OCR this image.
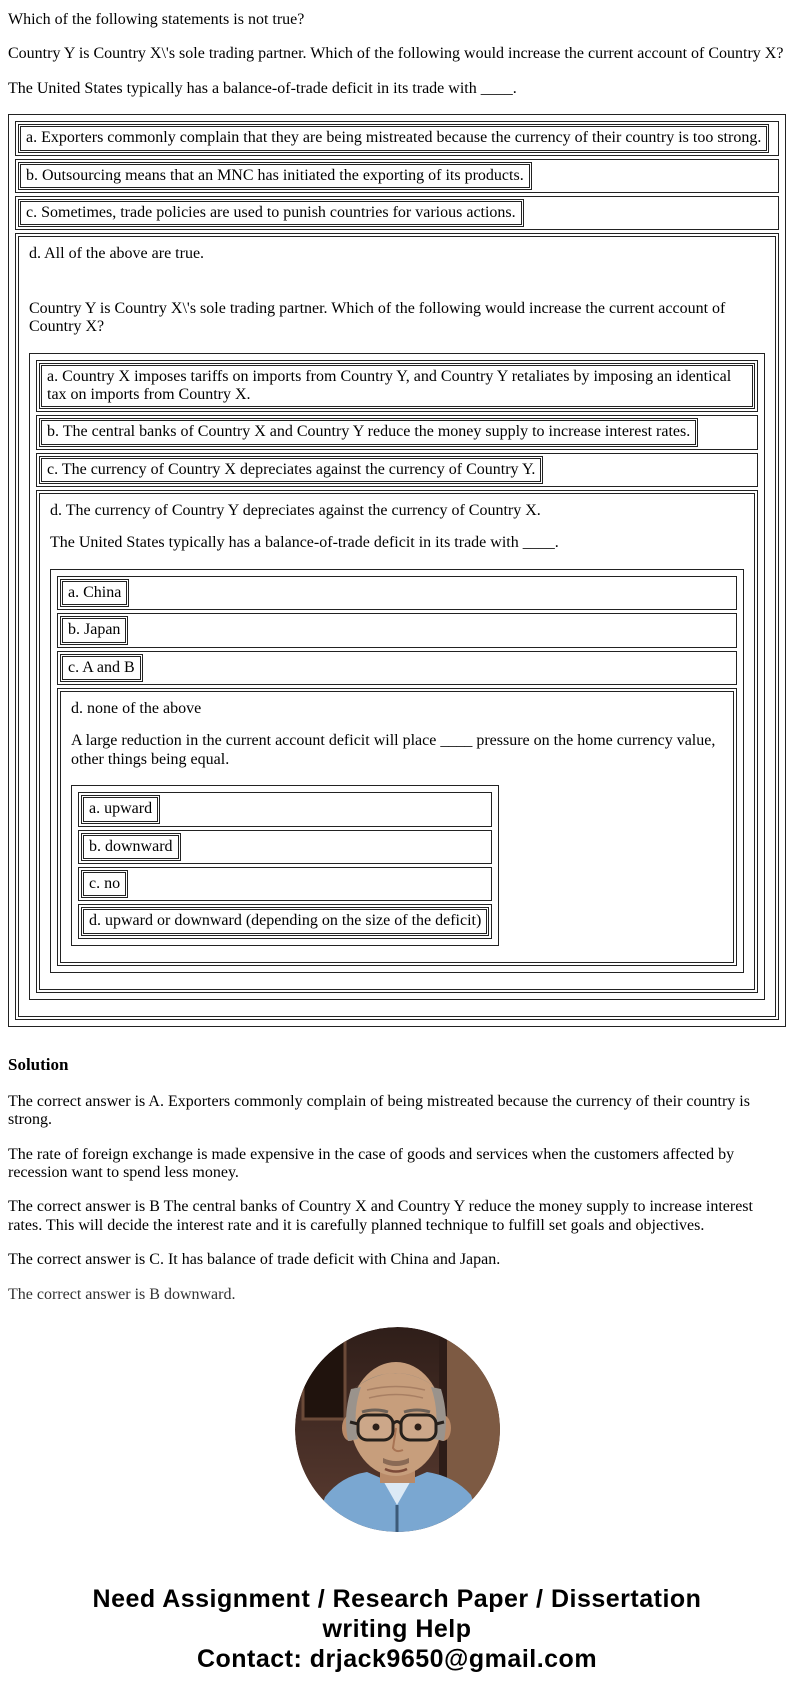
Which of the following statements is not true?

Country Y is Country X\'s sole trading partner. Which of the following would increase the current account of Country X?

The United States typically has a balance-of-trade deficit in its trade with ____.

a. Exporters commonly complain that they are being mistreated because the currency of their country is too strong.
b. Outsourcing means that an MNC has initiated the exporting of its products.
c. Sometimes, trade policies are used to punish countries for various actions.

d. All of the above are true.

Country Y is Country X\'s sole trading partner. Which of the following would increase the current account of Country X?

a. Country X imposes tariffs on imports from Country Y, and Country Y retaliates by imposing an identical tax on imports from Country X.
b. The central banks of Country X and Country Y reduce the money supply to increase interest rates.
c. The currency of Country X depreciates against the currency of Country Y.

d. The currency of Country Y depreciates against the currency of Country X.

The United States typically has a balance-of-trade deficit in its trade with ____.

a. China
b. Japan
c. A and B

d. none of the above

A large reduction in the current account deficit will place ____ pressure on the home currency value, other things being equal.

a. upward
b. downward
c. no
d. upward or downward (depending on the size of the deficit)
Solution

The correct answer is A. Exporters commonly complain of being mistreated because the currency of their country is strong.

The rate of foreign exchange is made expensive in the case of goods and services when the customers affected by recession want to spend less money.

The correct answer is B The central banks of Country X and Country Y reduce the money supply to increase interest rates. This will decide the interest rate and it is carefully planned technique to fulfill set goals and objectives.

The correct answer is C. It has balance of trade deficit with China and Japan.

The correct answer is B downward.

Need Assignment / Research Paper / Dissertation
writing Help
Contact: drjack9650@gmail.com
